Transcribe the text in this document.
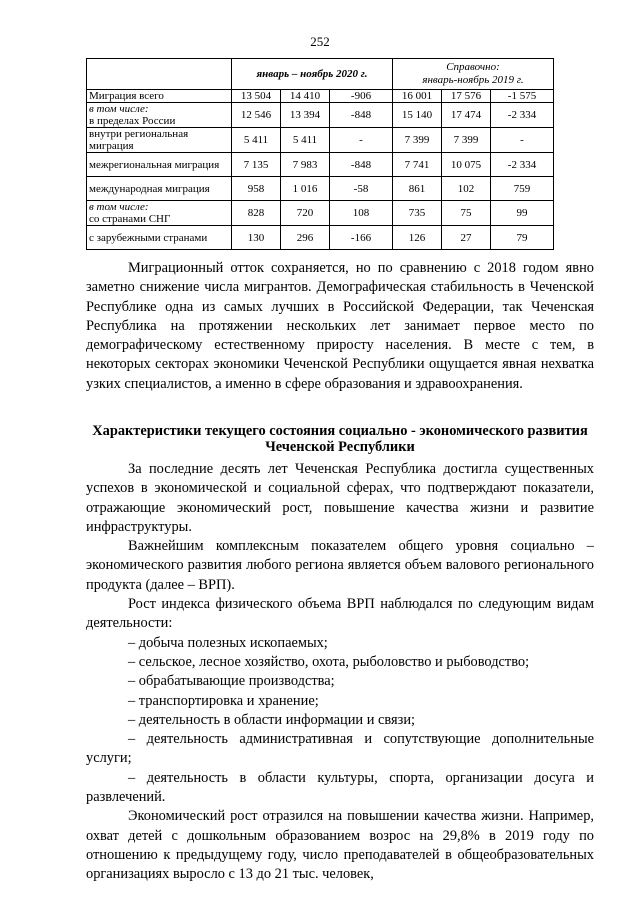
252
	январь – ноябрь 2020 г.			Справочно:
январь-ноябрь 2019 г.		
Миграция всего	13 504	14 410	-906	16 001	17 576	-1 575
в том числе:
в пределах России	12 546	13 394	-848	15 140	17 474	-2 334
внутри региональная миграция	5 411	5 411	-	7 399	7 399	-
межрегиональная миграция	7 135	7 983	-848	7 741	10 075	-2 334
международная миграция	958	1 016	-58	861	102	759
в том числе:
со странами СНГ	828	720	108	735	75	99
с зарубежными странами	130	296	-166	126	27	79

Миграционный отток сохраняется, но по сравнению с 2018 годом явно заметно снижение числа мигрантов. Демографическая стабильность в Чеченской Республике одна из самых лучших в Российской Федерации, так Чеченская Республика на протяжении нескольких лет занимает первое место по демографическому естественному приросту населения. В месте с тем, в некоторых секторах экономики Чеченской Республики ощущается явная нехватка узких специалистов, а именно в сфере образования и здравоохранения.

Характеристики текущего состояния социально - экономического развития Чеченской Республики

За последние десять лет Чеченская Республика достигла существенных успехов в экономической и социальной сферах, что подтверждают показатели, отражающие экономический рост, повышение качества жизни и развитие инфраструктуры.

Важнейшим комплексным показателем общего уровня социально – экономического развития любого региона является объем валового регионального продукта (далее – ВРП).

Рост индекса физического объема ВРП наблюдался по следующим видам деятельности:

– добыча полезных ископаемых;

– сельское, лесное хозяйство, охота, рыболовство и рыбоводство;

– обрабатывающие производства;

– транспортировка и хранение;

– деятельность в области информации и связи;

– деятельность административная и сопутствующие дополнительные услуги;

– деятельность в области культуры, спорта, организации досуга и развлечений.

Экономический рост отразился на повышении качества жизни. Например, охват детей с дошкольным образованием возрос на 29,8% в 2019 году по отношению к предыдущему году, число преподавателей в общеобразовательных организациях выросло с 13 до 21 тыс. человек,
